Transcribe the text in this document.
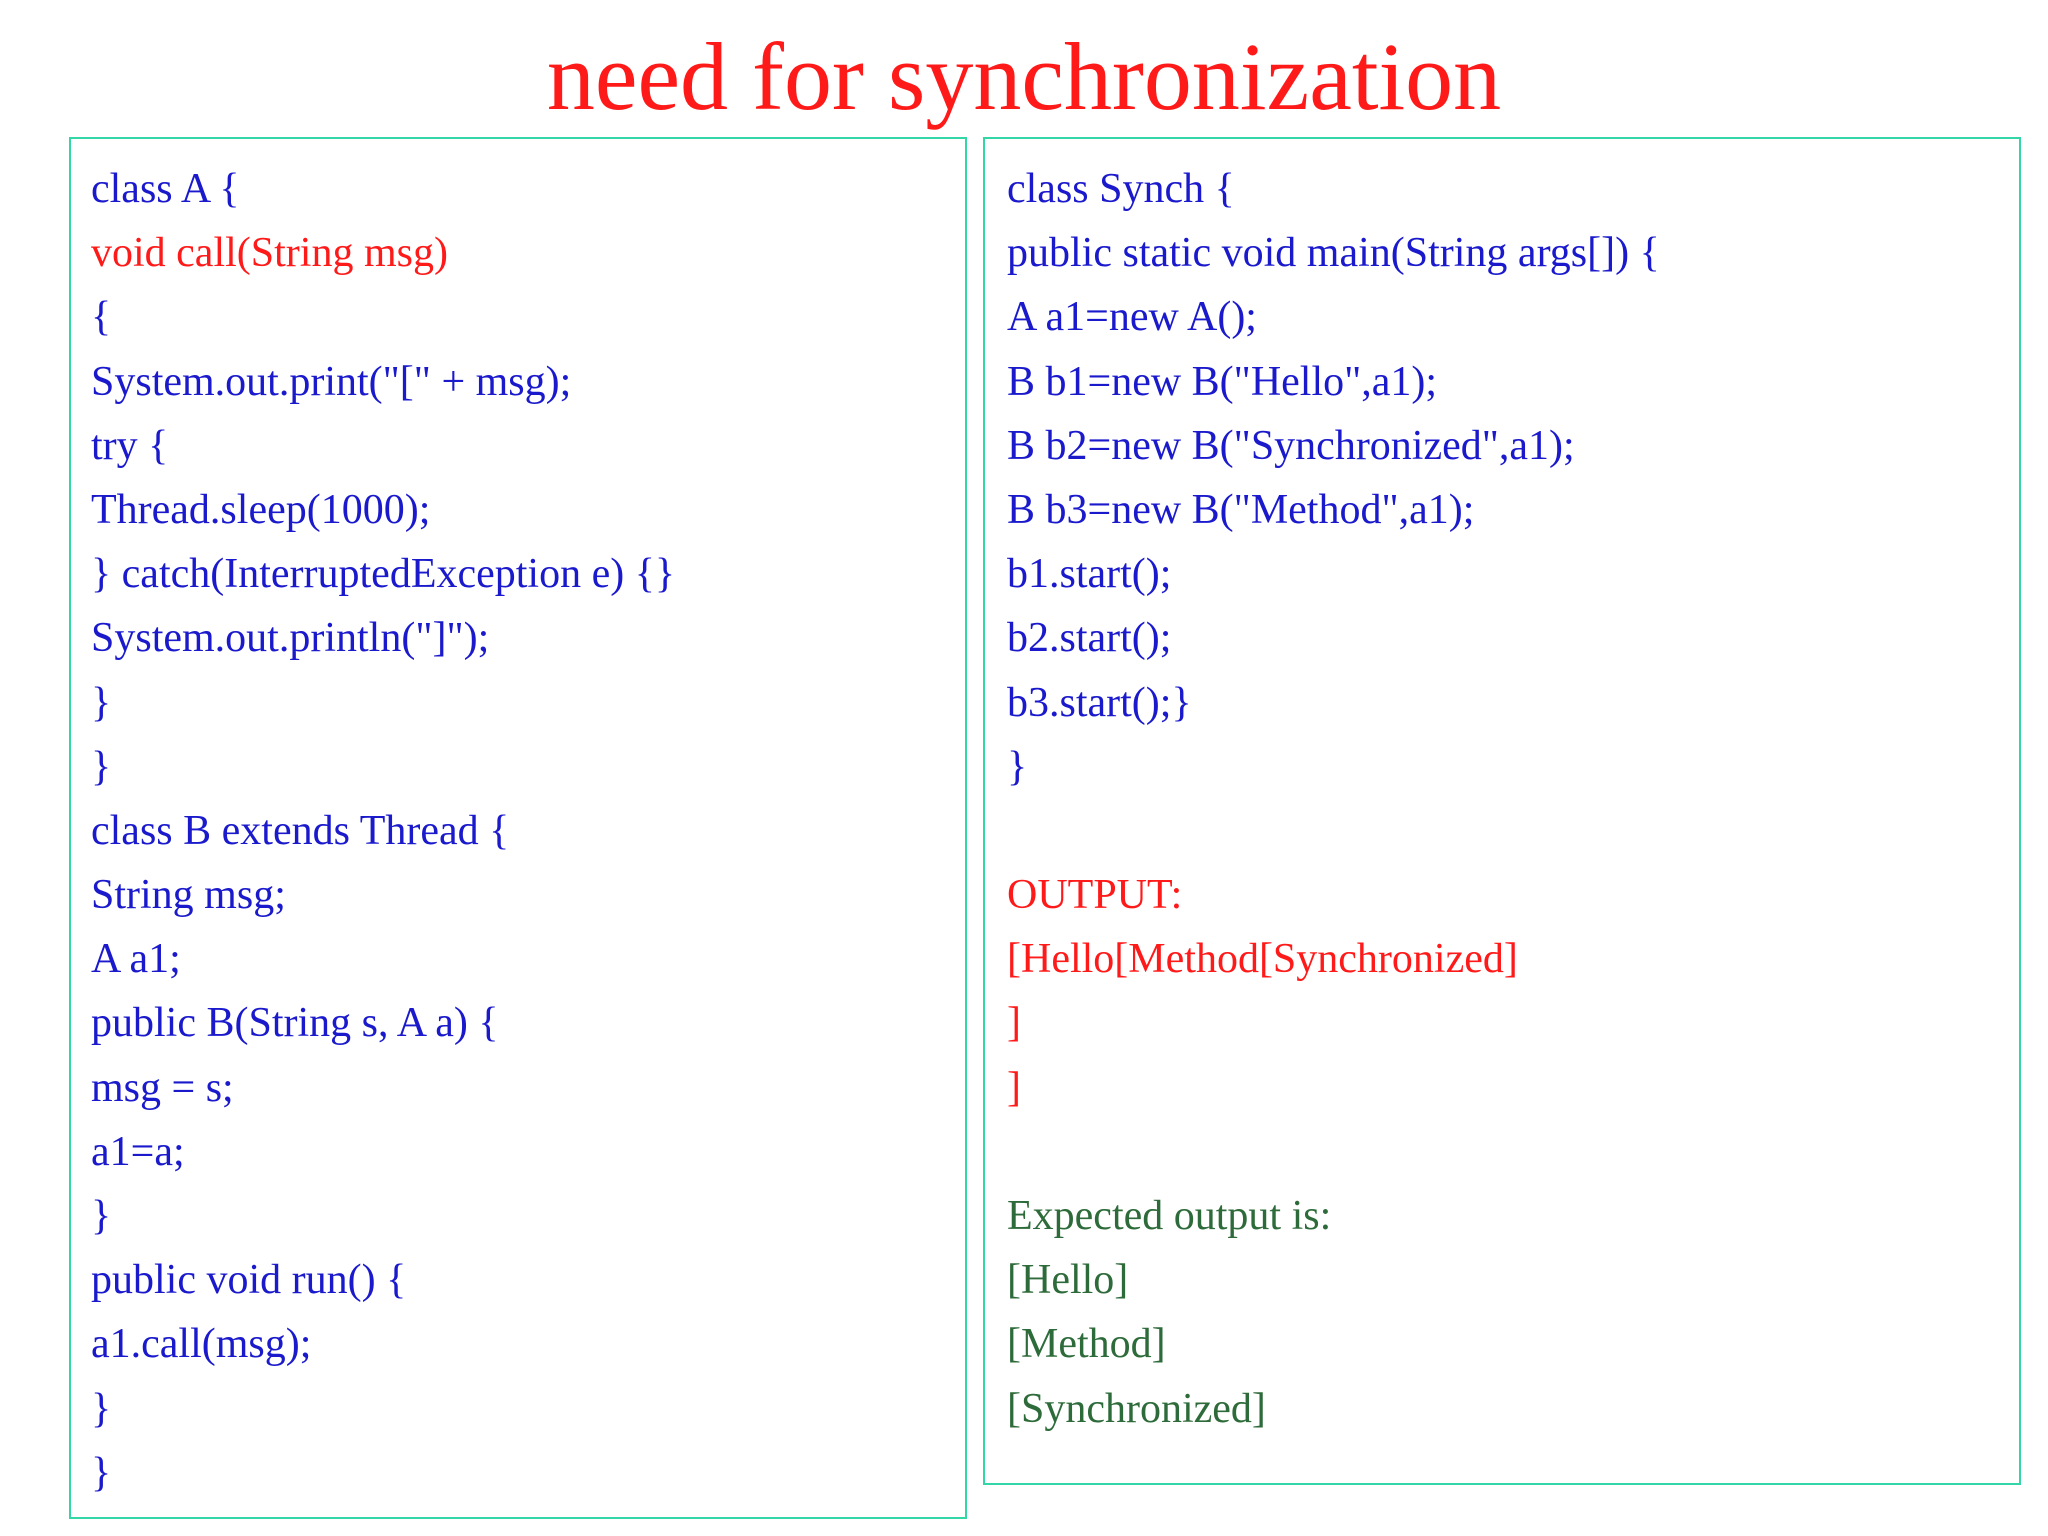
need for synchronization
class A {
void call(String msg)
{
System.out.print("[" + msg);
try {
Thread.sleep(1000);
} catch(InterruptedException e) {}
System.out.println("]");
}
}
class B extends Thread {
String msg;
A a1;
public B(String s, A a) {
msg = s;
a1=a;
}
public void run() {
a1.call(msg);
}
}
class Synch {
public static void main(String args[]) {
A a1=new A();
B b1=new B("Hello",a1);
B b2=new B("Synchronized",a1);
B b3=new B("Method",a1);
b1.start();
b2.start();
b3.start();}
}
OUTPUT:
[Hello[Method[Synchronized]
]
]
Expected output is:
[Hello]
[Method]
[Synchronized]
